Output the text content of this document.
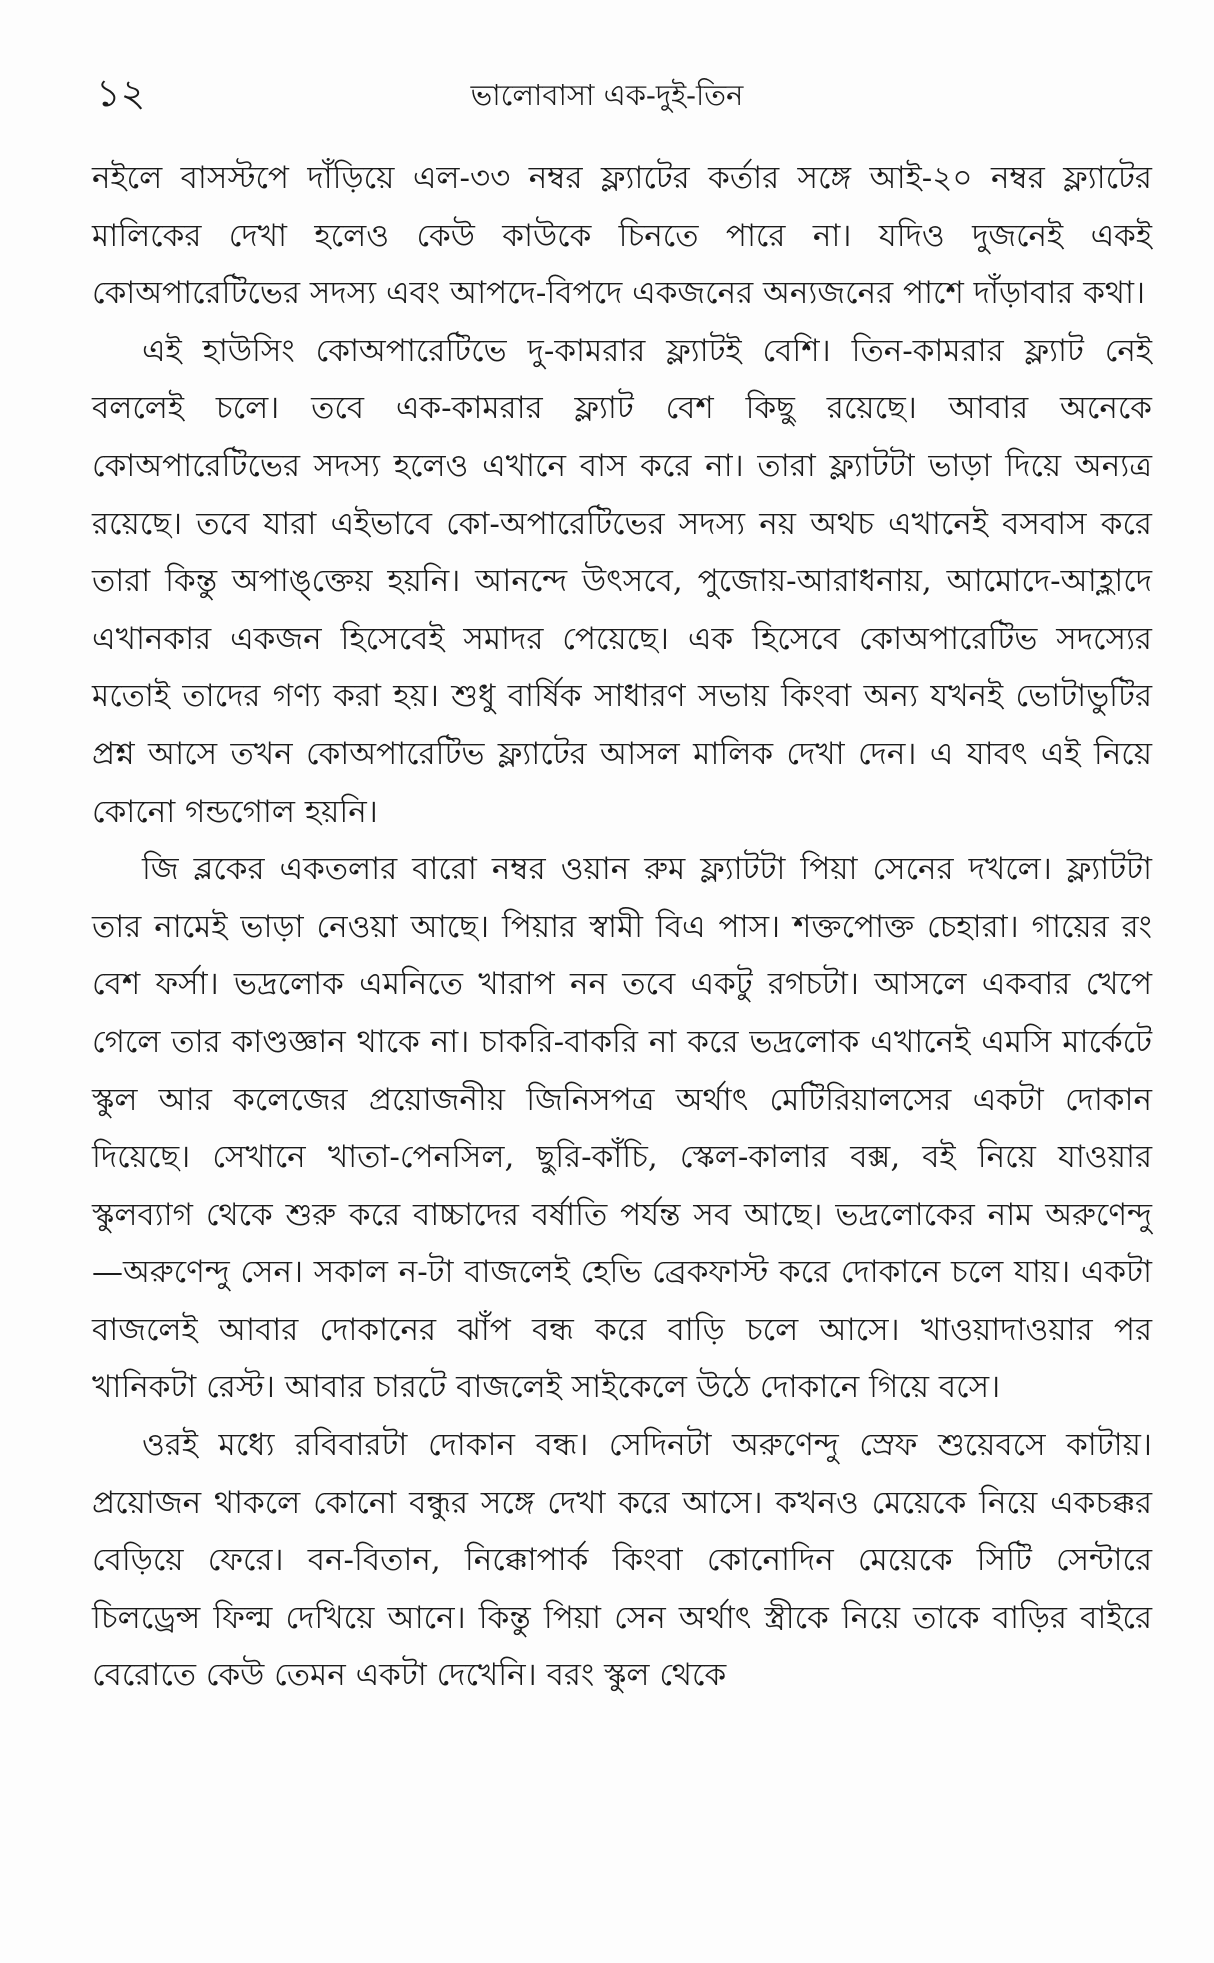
১২	ভালোবাসা এক-দুই-তিন

নইলে বাসস্টপে দাঁড়িয়ে এল-৩৩ নম্বর ফ্ল্যাটের কর্তার সঙ্গে আই-২০ নম্বর ফ্ল্যাটের মালিকের দেখা হলেও কেউ কাউকে চিনতে পারে না। যদিও দুজনেই একই কোঅপারেটিভের সদস্য এবং আপদে-বিপদে একজনের অন্যজনের পাশে দাঁড়াবার কথা।

এই হাউসিং কোঅপারেটিভে দু-কামরার ফ্ল্যাটই বেশি। তিন-কামরার ফ্ল্যাট নেই বললেই চলে। তবে এক-কামরার ফ্ল্যাট বেশ কিছু রয়েছে। আবার অনেকে কোঅপারেটিভের সদস্য হলেও এখানে বাস করে না। তারা ফ্ল্যাটটা ভাড়া দিয়ে অন্যত্র রয়েছে। তবে যারা এইভাবে কো-অপারেটিভের সদস্য নয় অথচ এখানেই বসবাস করে তারা কিন্তু অপাঙ্‌ক্তেয় হয়নি। আনন্দে উৎসবে, পুজোয়-আরাধনায়, আমোদে-আহ্লাদে এখানকার একজন হিসেবেই সমাদর পেয়েছে। এক হিসেবে কোঅপারেটিভ সদস্যের মতোই তাদের গণ্য করা হয়। শুধু বার্ষিক সাধারণ সভায় কিংবা অন্য যখনই ভোটাভুটির প্রশ্ন আসে তখন কোঅপারেটিভ ফ্ল্যাটের আসল মালিক দেখা দেন। এ যাবৎ এই নিয়ে কোনো গন্ডগোল হয়নি।

জি ব্লকের একতলার বারো নম্বর ওয়ান রুম ফ্ল্যাটটা পিয়া সেনের দখলে। ফ্ল্যাটটা তার নামেই ভাড়া নেওয়া আছে। পিয়ার স্বামী বিএ পাস। শক্তপোক্ত চেহারা। গায়ের রং বেশ ফর্সা। ভদ্রলোক এমনিতে খারাপ নন তবে একটু রগচটা। আসলে একবার খেপে গেলে তার কাণ্ডজ্ঞান থাকে না। চাকরি-বাকরি না করে ভদ্রলোক এখানেই এমসি মার্কেটে স্কুল আর কলেজের প্রয়োজনীয় জিনিসপত্র অর্থাৎ মেটিরিয়ালসের একটা দোকান দিয়েছে। সেখানে খাতা-পেনসিল, ছুরি-কাঁচি, স্কেল-কালার বক্স, বই নিয়ে যাওয়ার স্কুলব্যাগ থেকে শুরু করে বাচ্চাদের বর্ষাতি পর্যন্ত সব আছে। ভদ্রলোকের নাম অরুণেন্দু —অরুণেন্দু সেন। সকাল ন-টা বাজলেই হেভি ব্রেকফাস্ট করে দোকানে চলে যায়। একটা বাজলেই আবার দোকানের ঝাঁপ বন্ধ করে বাড়ি চলে আসে। খাওয়াদাওয়ার পর খানিকটা রেস্ট। আবার চারটে বাজলেই সাইকেলে উঠে দোকানে গিয়ে বসে।

ওরই মধ্যে রবিবারটা দোকান বন্ধ। সেদিনটা অরুণেন্দু স্রেফ শুয়েবসে কাটায়। প্রয়োজন থাকলে কোনো বন্ধুর সঙ্গে দেখা করে আসে। কখনও মেয়েকে নিয়ে একচক্কর বেড়িয়ে ফেরে। বন-বিতান, নিক্কোপার্ক কিংবা কোনোদিন মেয়েকে সিটি সেন্টারে চিলড্রেন্স ফিল্ম দেখিয়ে আনে। কিন্তু পিয়া সেন অর্থাৎ স্ত্রীকে নিয়ে তাকে বাড়ির বাইরে বেরোতে কেউ তেমন একটা দেখেনি। বরং স্কুল থেকে
